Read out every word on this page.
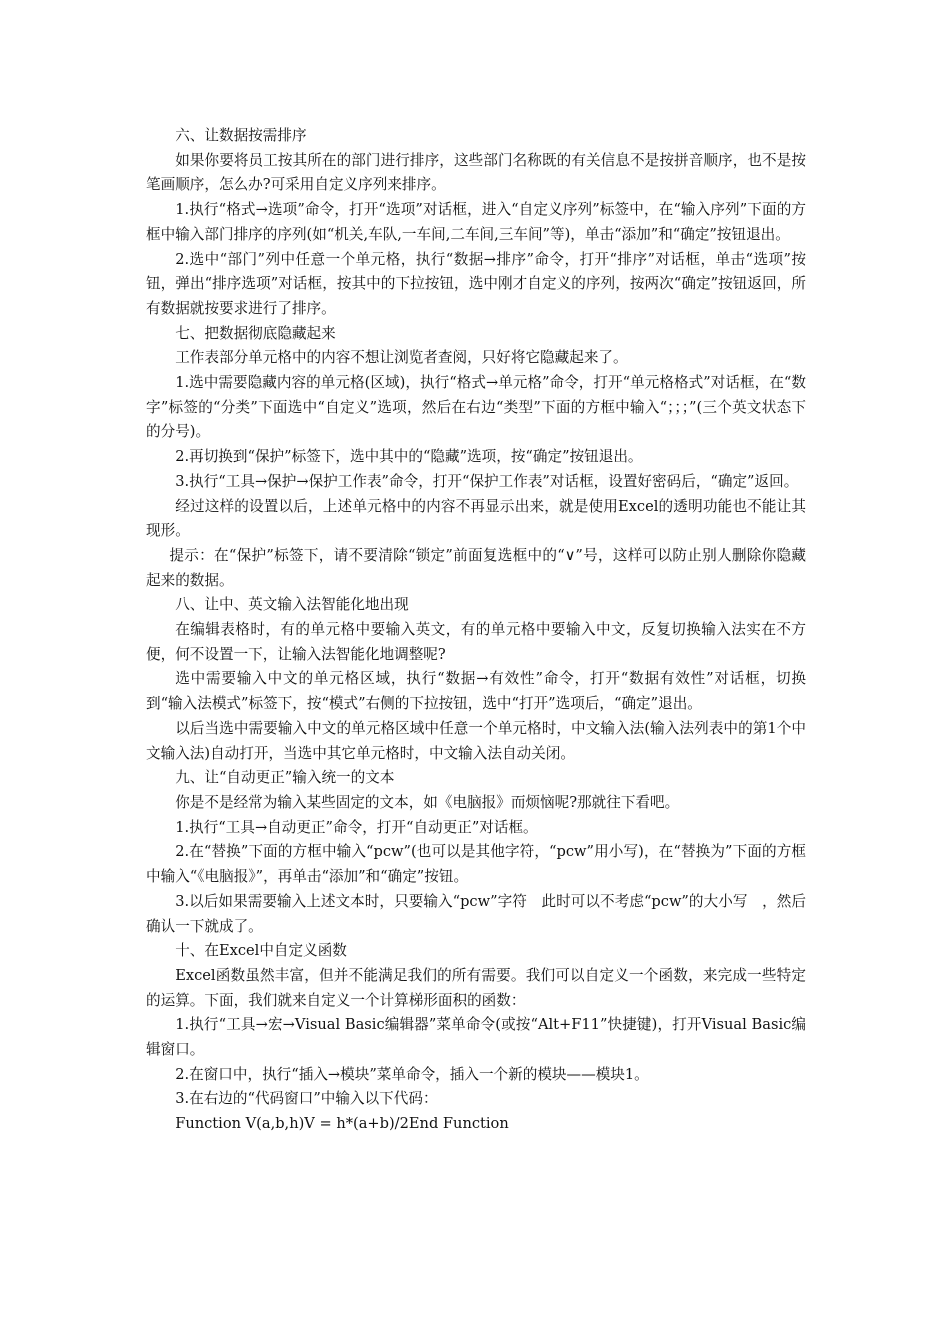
六、让数据按需排序

如果你要将员工按其所在的部门进行排序，这些部门名称既的有关信息不是按拼音顺序，也不是按笔画顺序，怎么办?可采用自定义序列来排序。

1.执行“格式→选项”命令，打开“选项”对话框，进入“自定义序列”标签中，在“输入序列”下面的方框中输入部门排序的序列(如“机关,车队,一车间,二车间,三车间”等)，单击“添加”和“确定”按钮退出。

2.选中“部门”列中任意一个单元格，执行“数据→排序”命令，打开“排序”对话框，单击“选项”按钮，弹出“排序选项”对话框，按其中的下拉按钮，选中刚才自定义的序列，按两次“确定”按钮返回，所有数据就按要求进行了排序。

七、把数据彻底隐藏起来

工作表部分单元格中的内容不想让浏览者查阅，只好将它隐藏起来了。

1.选中需要隐藏内容的单元格(区域)，执行“格式→单元格”命令，打开“单元格格式”对话框，在“数字”标签的“分类”下面选中“自定义”选项，然后在右边“类型”下面的方框中输入“；；；”(三个英文状态下的分号)。

2.再切换到“保护”标签下，选中其中的“隐藏”选项，按“确定”按钮退出。

3.执行“工具→保护→保护工作表”命令，打开“保护工作表”对话框，设置好密码后，“确定”返回。

经过这样的设置以后，上述单元格中的内容不再显示出来，就是使用Excel的透明功能也不能让其现形。

提示：在“保护”标签下，请不要清除“锁定”前面复选框中的“∨”号，这样可以防止别人删除你隐藏起来的数据。

八、让中、英文输入法智能化地出现

在编辑表格时，有的单元格中要输入英文，有的单元格中要输入中文，反复切换输入法实在不方便，何不设置一下，让输入法智能化地调整呢?

选中需要输入中文的单元格区域，执行“数据→有效性”命令，打开“数据有效性”对话框，切换到“输入法模式”标签下，按“模式”右侧的下拉按钮，选中“打开”选项后，“确定”退出。

以后当选中需要输入中文的单元格区域中任意一个单元格时，中文输入法(输入法列表中的第1个中文输入法)自动打开，当选中其它单元格时，中文输入法自动关闭。

九、让“自动更正”输入统一的文本

你是不是经常为输入某些固定的文本，如《电脑报》而烦恼呢?那就往下看吧。

1.执行“工具→自动更正”命令，打开“自动更正”对话框。

2.在“替换”下面的方框中输入“pcw”(也可以是其他字符，“pcw”用小写)，在“替换为”下面的方框中输入“《电脑报》”，再单击“添加”和“确定”按钮。

3.以后如果需要输入上述文本时，只要输入“pcw”字符　此时可以不考虑“pcw”的大小写　，然后确认一下就成了。

十、在Excel中自定义函数

Excel函数虽然丰富，但并不能满足我们的所有需要。我们可以自定义一个函数，来完成一些特定的运算。下面，我们就来自定义一个计算梯形面积的函数：

1.执行“工具→宏→Visual Basic编辑器”菜单命令(或按“Alt+F11”快捷键)，打开Visual Basic编辑窗口。

2.在窗口中，执行“插入→模块”菜单命令，插入一个新的模块——模块1。

3.在右边的“代码窗口”中输入以下代码：

Function V(a,b,h)V = h*(a+b)/2End Function
